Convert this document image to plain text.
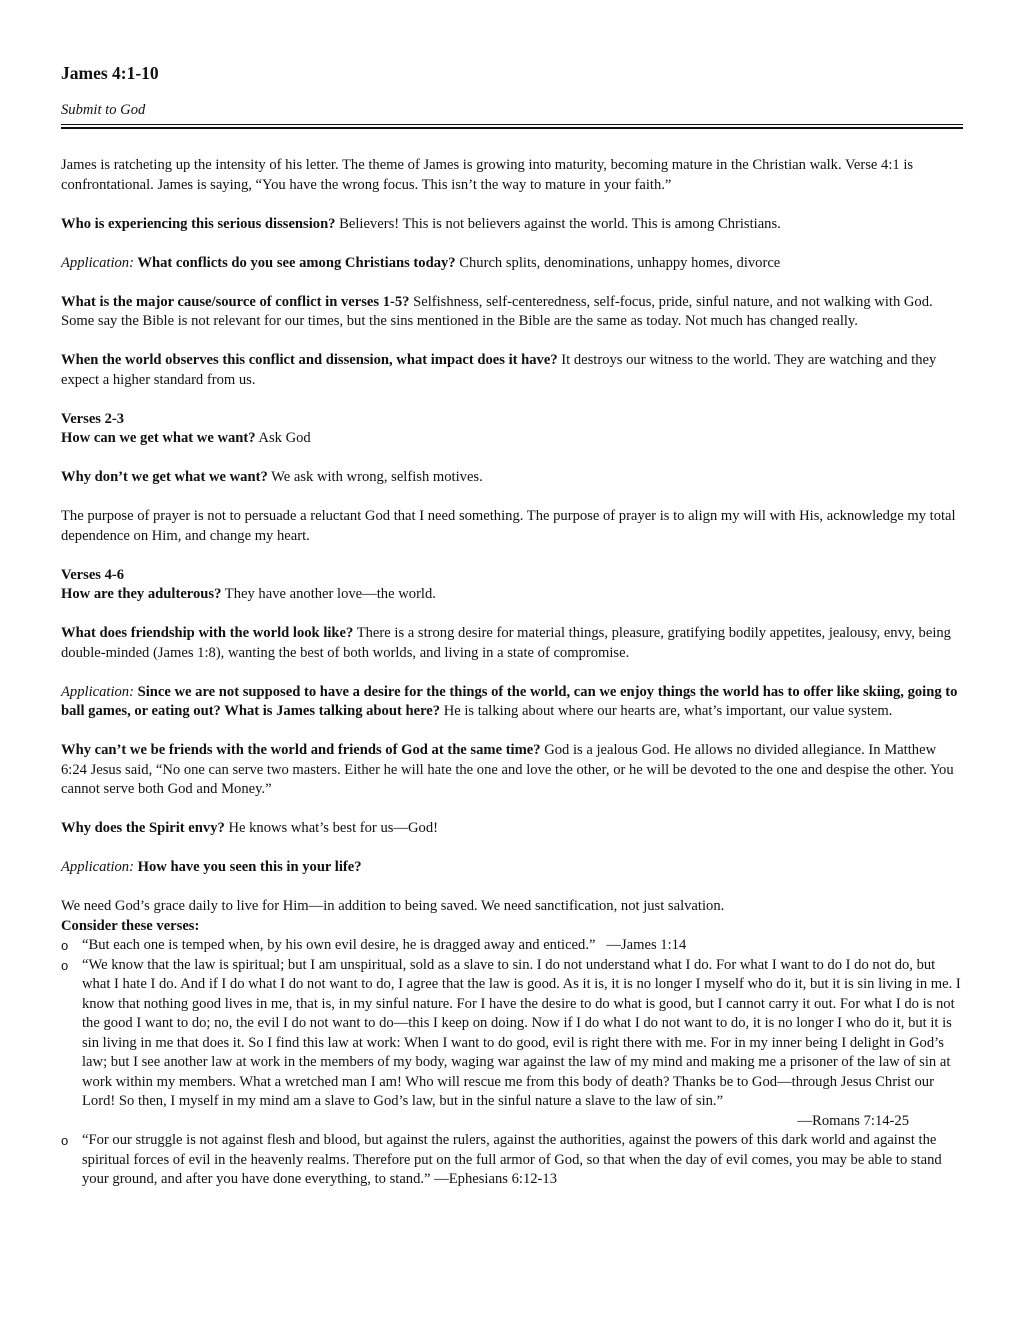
James 4:1-10
Submit to God

James is ratcheting up the intensity of his letter. The theme of James is growing into maturity, becoming mature in the Christian walk. Verse 4:1 is confrontational. James is saying, “You have the wrong focus. This isn’t the way to mature in your faith.”

Who is experiencing this serious dissension? Believers! This is not believers against the world. This is among Christians.

Application: What conflicts do you see among Christians today? Church splits, denominations, unhappy homes, divorce

What is the major cause/source of conflict in verses 1-5? Selfishness, self-centeredness, self-focus, pride, sinful nature, and not walking with God. Some say the Bible is not relevant for our times, but the sins mentioned in the Bible are the same as today. Not much has changed really.

When the world observes this conflict and dissension, what impact does it have? It destroys our witness to the world. They are watching and they expect a higher standard from us.

Verses 2-3

How can we get what we want? Ask God

Why don’t we get what we want? We ask with wrong, selfish motives.

The purpose of prayer is not to persuade a reluctant God that I need something. The purpose of prayer is to align my will with His, acknowledge my total dependence on Him, and change my heart.

Verses 4-6

How are they adulterous? They have another love—the world.

What does friendship with the world look like? There is a strong desire for material things, pleasure, gratifying bodily appetites, jealousy, envy, being double-minded (James 1:8), wanting the best of both worlds, and living in a state of compromise.

Application: Since we are not supposed to have a desire for the things of the world, can we enjoy things the world has to offer like skiing, going to ball games, or eating out? What is James talking about here? He is talking about where our hearts are, what’s important, our value system.

Why can’t we be friends with the world and friends of God at the same time? God is a jealous God. He allows no divided allegiance. In Matthew 6:24 Jesus said, “No one can serve two masters. Either he will hate the one and love the other, or he will be devoted to the one and despise the other. You cannot serve both God and Money.”

Why does the Spirit envy? He knows what’s best for us—God!

Application: How have you seen this in your life?

We need God’s grace daily to live for Him—in addition to being saved. We need sanctification, not just salvation.

Consider these verses:

o “But each one is temped when, by his own evil desire, he is dragged away and enticed.”   —James 1:14
o “We know that the law is spiritual; but I am unspiritual, sold as a slave to sin. I do not understand what I do. For what I want to do I do not do, but what I hate I do. And if I do what I do not want to do, I agree that the law is good. As it is, it is no longer I myself who do it, but it is sin living in me. I know that nothing good lives in me, that is, in my sinful nature. For I have the desire to do what is good, but I cannot carry it out. For what I do is not the good I want to do; no, the evil I do not want to do—this I keep on doing. Now if I do what I do not want to do, it is no longer I who do it, but it is sin living in me that does it. So I find this law at work: When I want to do good, evil is right there with me. For in my inner being I delight in God’s law; but I see another law at work in the members of my body, waging war against the law of my mind and making me a prisoner of the law of sin at work within my members. What a wretched man I am! Who will rescue me from this body of death? Thanks be to God—through Jesus Christ our Lord! So then, I myself in my mind am a slave to God’s law, but in the sinful nature a slave to the law of sin.”
—Romans 7:14-25
o “For our struggle is not against flesh and blood, but against the rulers, against the authorities, against the powers of this dark world and against the spiritual forces of evil in the heavenly realms. Therefore put on the full armor of God, so that when the day of evil comes, you may be able to stand your ground, and after you have done everything, to stand.” —Ephesians 6:12-13
